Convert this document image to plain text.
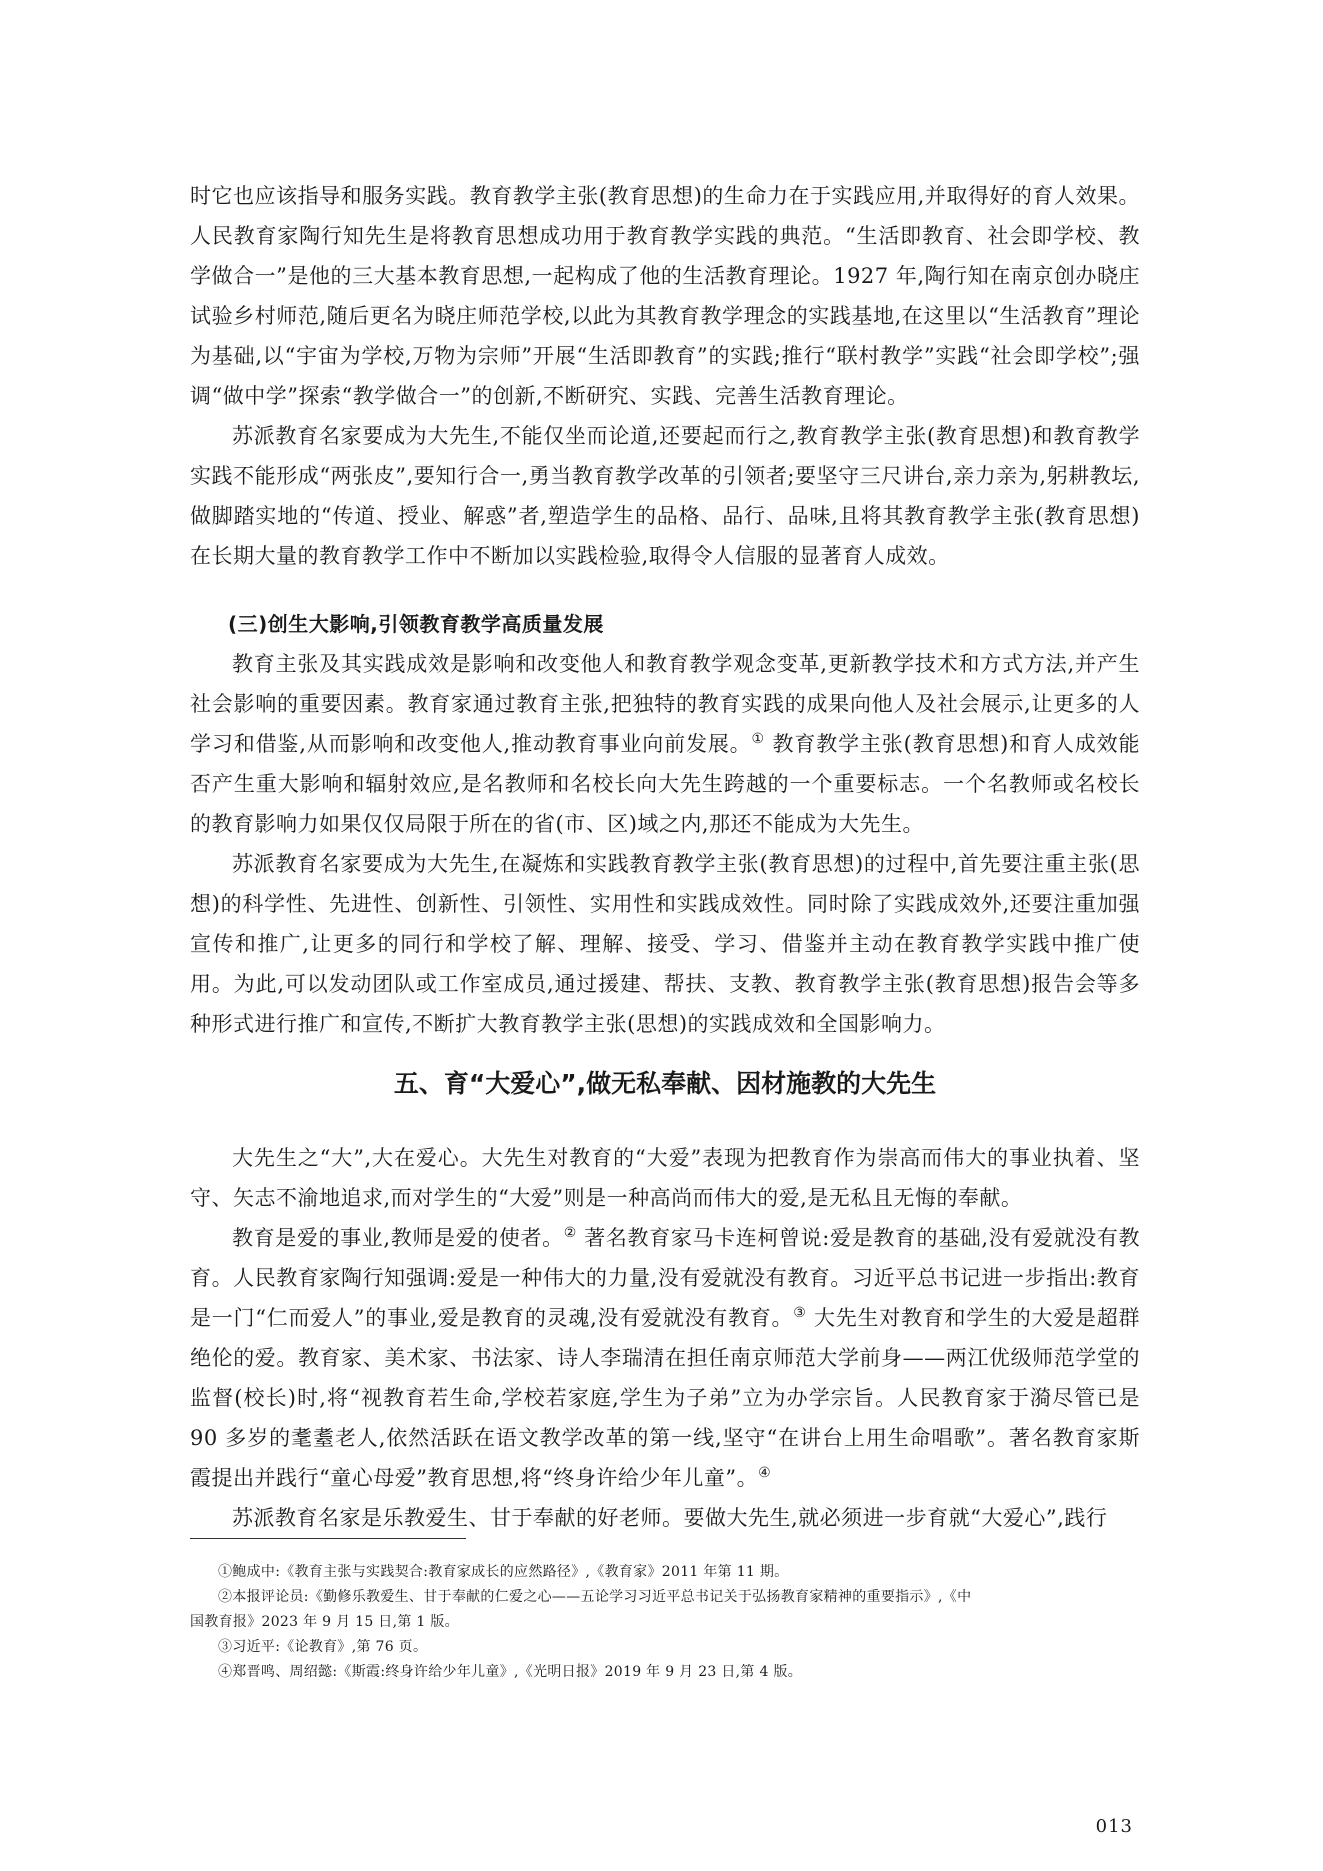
时它也应该指导和服务实践。教育教学主张(教育思想)的生命力在于实践应用,并取得好的育人效果。人民教育家陶行知先生是将教育思想成功用于教育教学实践的典范。“生活即教育、社会即学校、教学做合一”是他的三大基本教育思想,一起构成了他的生活教育理论。1927 年,陶行知在南京创办晓庄试验乡村师范,随后更名为晓庄师范学校,以此为其教育教学理念的实践基地,在这里以“生活教育”理论为基础,以“宇宙为学校,万物为宗师”开展“生活即教育”的实践;推行“联村教学”实践“社会即学校”;强调“做中学”探索“教学做合一”的创新,不断研究、实践、完善生活教育理论。

苏派教育名家要成为大先生,不能仅坐而论道,还要起而行之,教育教学主张(教育思想)和教育教学实践不能形成“两张皮”,要知行合一,勇当教育教学改革的引领者;要坚守三尺讲台,亲力亲为,躬耕教坛,做脚踏实地的“传道、授业、解惑”者,塑造学生的品格、品行、品味,且将其教育教学主张(教育思想)在长期大量的教育教学工作中不断加以实践检验,取得令人信服的显著育人成效。

(三)创生大影响,引领教育教学高质量发展

教育主张及其实践成效是影响和改变他人和教育教学观念变革,更新教学技术和方式方法,并产生社会影响的重要因素。教育家通过教育主张,把独特的教育实践的成果向他人及社会展示,让更多的人学习和借鉴,从而影响和改变他人,推动教育事业向前发展。① 教育教学主张(教育思想)和育人成效能否产生重大影响和辐射效应,是名教师和名校长向大先生跨越的一个重要标志。一个名教师或名校长的教育影响力如果仅仅局限于所在的省(市、区)域之内,那还不能成为大先生。

苏派教育名家要成为大先生,在凝炼和实践教育教学主张(教育思想)的过程中,首先要注重主张(思想)的科学性、先进性、创新性、引领性、实用性和实践成效性。同时除了实践成效外,还要注重加强宣传和推广,让更多的同行和学校了解、理解、接受、学习、借鉴并主动在教育教学实践中推广使用。为此,可以发动团队或工作室成员,通过援建、帮扶、支教、教育教学主张(教育思想)报告会等多种形式进行推广和宣传,不断扩大教育教学主张(思想)的实践成效和全国影响力。

五、育“大爱心”,做无私奉献、因材施教的大先生

大先生之“大”,大在爱心。大先生对教育的“大爱”表现为把教育作为崇高而伟大的事业执着、坚守、矢志不渝地追求,而对学生的“大爱”则是一种高尚而伟大的爱,是无私且无悔的奉献。

教育是爱的事业,教师是爱的使者。② 著名教育家马卡连柯曾说:爱是教育的基础,没有爱就没有教育。人民教育家陶行知强调:爱是一种伟大的力量,没有爱就没有教育。习近平总书记进一步指出:教育是一门“仁而爱人”的事业,爱是教育的灵魂,没有爱就没有教育。③ 大先生对教育和学生的大爱是超群绝伦的爱。教育家、美术家、书法家、诗人李瑞清在担任南京师范大学前身——两江优级师范学堂的监督(校长)时,将“视教育若生命,学校若家庭,学生为子弟”立为办学宗旨。人民教育家于漪尽管已是 90 多岁的耄耋老人,依然活跃在语文教学改革的第一线,坚守“在讲台上用生命唱歌”。著名教育家斯霞提出并践行“童心母爱”教育思想,将“终身许给少年儿童”。④

苏派教育名家是乐教爱生、甘于奉献的好老师。要做大先生,就必须进一步育就“大爱心”,践行

①鲍成中:《教育主张与实践契合:教育家成长的应然路径》,《教育家》2011 年第 11 期。

②本报评论员:《勤修乐教爱生、甘于奉献的仁爱之心——五论学习习近平总书记关于弘扬教育家精神的重要指示》,《中

国教育报》2023 年 9 月 15 日,第 1 版。

③习近平:《论教育》,第 76 页。

④郑晋鸣、周绍懿:《斯霞:终身许给少年儿童》,《光明日报》2019 年 9 月 23 日,第 4 版。

013
